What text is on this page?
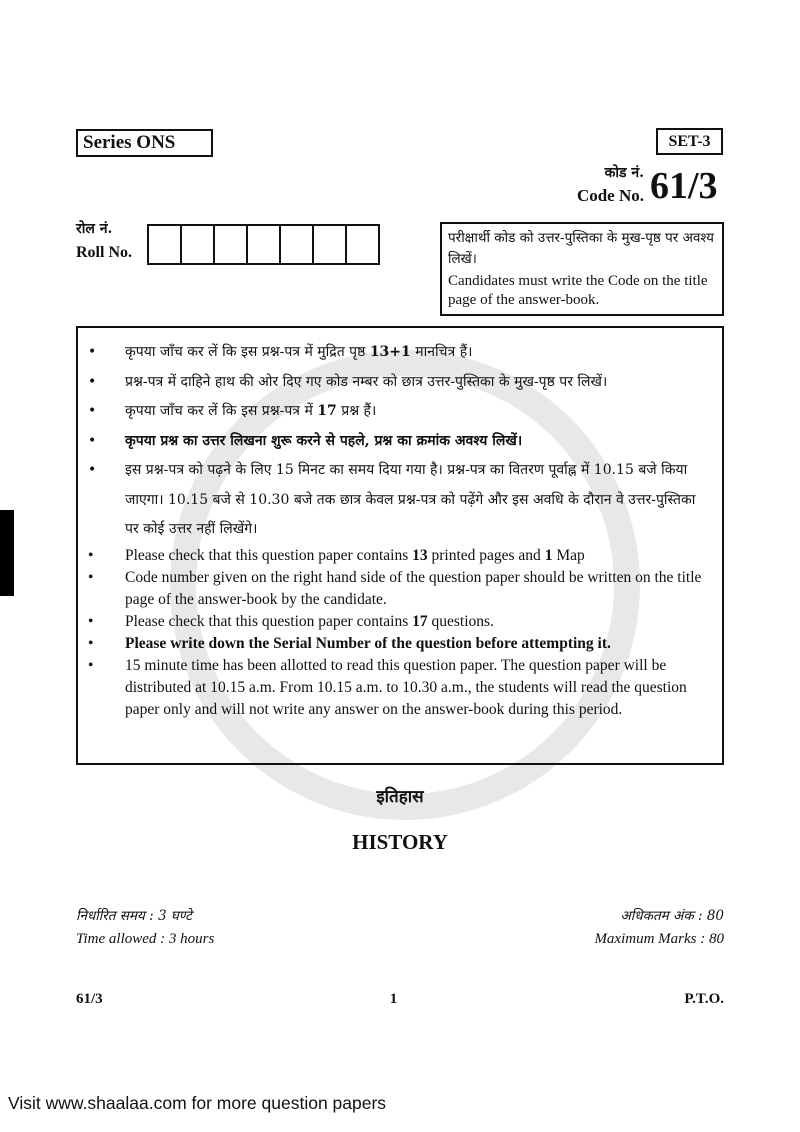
Series ONS	SET-3
कोड नं.
Code No. 61/3
रोल नं.
Roll No.

परीक्षार्थी कोड को उत्तर-पुस्तिका के मुख-पृष्ठ पर अवश्य लिखें।

Candidates must write the Code on the title page of the answer-book.

• कृपया जाँच कर लें कि इस प्रश्न-पत्र में मुद्रित पृष्ठ 13+1 मानचित्र हैं।
• प्रश्न-पत्र में दाहिने हाथ की ओर दिए गए कोड नम्बर को छात्र उत्तर-पुस्तिका के मुख-पृष्ठ पर लिखें।
• कृपया जाँच कर लें कि इस प्रश्न-पत्र में 17 प्रश्न हैं।
• कृपया प्रश्न का उत्तर लिखना शुरू करने से पहले, प्रश्न का क्रमांक अवश्य लिखें।
• इस प्रश्न-पत्र को पढ़ने के लिए 15 मिनट का समय दिया गया है। प्रश्न-पत्र का वितरण पूर्वाह्न में 10.15 बजे किया जाएगा। 10.15 बजे से 10.30 बजे तक छात्र केवल प्रश्न-पत्र को पढ़ेंगे और इस अवधि के दौरान वे उत्तर-पुस्तिका पर कोई उत्तर नहीं लिखेंगे।
• Please check that this question paper contains 13 printed pages and 1 Map
• Code number given on the right hand side of the question paper should be written on the title page of the answer-book by the candidate.
• Please check that this question paper contains 17 questions.
• Please write down the Serial Number of the question before attempting it.
• 15 minute time has been allotted to read this question paper. The question paper will be distributed at 10.15 a.m. From 10.15 a.m. to 10.30 a.m., the students will read the question paper only and will not write any answer on the answer-book during this period.
इतिहास
HISTORY
निर्धारित समय : 3 घण्टे	अधिकतम अंक : 80
Time allowed : 3 hours	Maximum Marks : 80
61/3	1	P.T.O.
Visit www.shaalaa.com for more question papers
